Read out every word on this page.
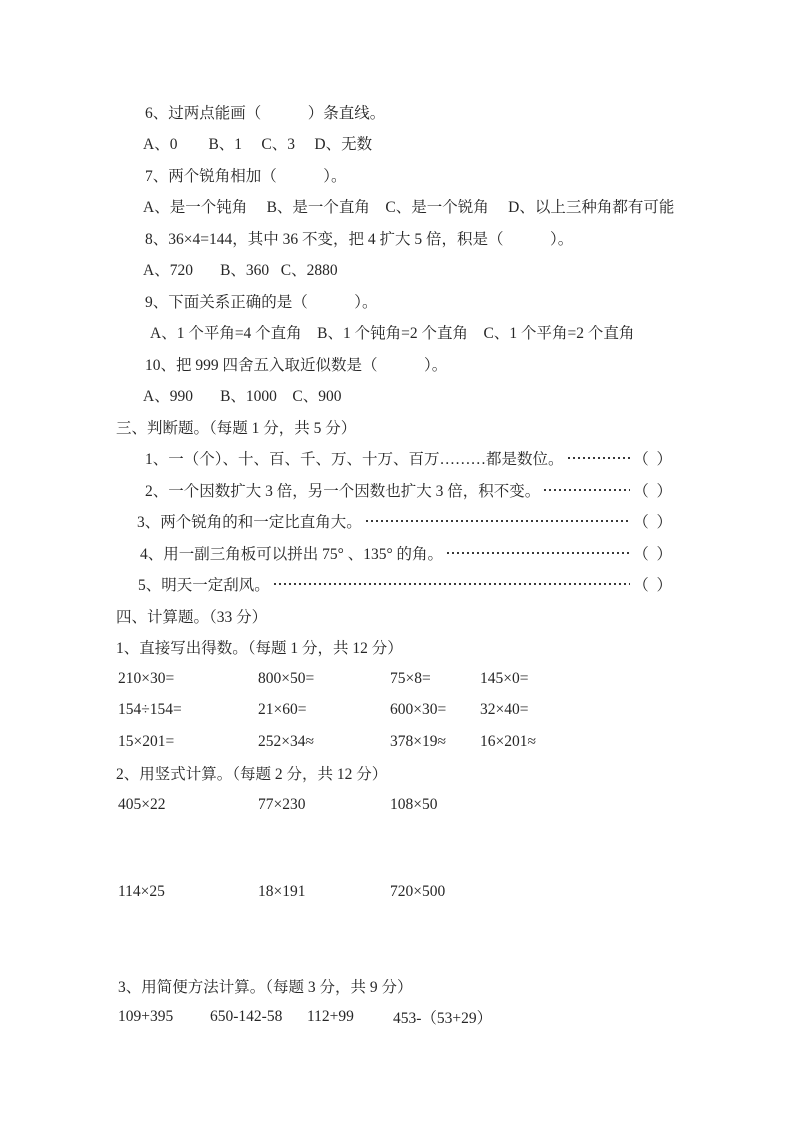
6、过两点能画（            ）条直线。
A、0        B、1     C、3     D、无数
7、两个锐角相加（            ）。
A、是一个钝角     B、是一个直角    C、是一个锐角     D、以上三种角都有可能
8、36×4=144，其中 36 不变，把 4 扩大 5 倍，积是（            ）。
A、720       B、360   C、2880
9、下面关系正确的是（            ）。
A、1 个平角=4 个直角    B、1 个钝角=2 个直角    C、1 个平角=2 个直角
10、把 999 四舍五入取近似数是（            ）。
A、990       B、1000    C、900
三、判断题。（每题 1 分，共 5 分）
1、一（个）、十、百、千、万、十万、百万………都是数位。	（  ）
2、一个因数扩大 3 倍，另一个因数也扩大 3 倍，积不变。	（  ）
3、两个锐角的和一定比直角大。	（  ）
4、用一副三角板可以拼出 75° 、135° 的角。	（  ）
5、明天一定刮风。	（  ）
四、计算题。（33 分）
1、直接写出得数。（每题 1 分，共 12 分）
210×30=	800×50=	75×8=	145×0=
154÷154=	21×60=	600×30=	32×40=
15×201=	252×34≈	378×19≈	16×201≈
2、用竖式计算。（每题 2 分，共 12 分）
405×22	77×230	108×50
114×25	18×191	720×500
3、用简便方法计算。（每题 3 分，共 9 分）
109+395	650-142-58	112+99	453-（53+29）
